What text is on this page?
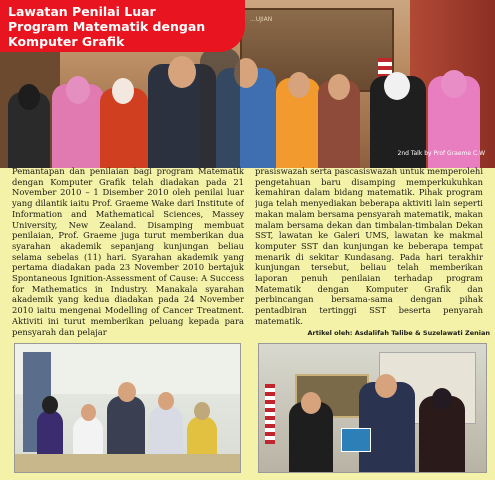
...UJIAN
2nd Talk by Prof Graeme C.W
Lawatan Penilai Luar
Program Matematik dengan
Komputer Grafik

Pemantapan dan penilaian bagi program Matematik dengan Komputer Grafik telah diadakan pada 21 November 2010 – 1 Disember 2010 oleh penilai luar yang dilantik iaitu Prof. Graeme Wake dari Institute of Information and Mathematical Sciences, Massey University, New Zealand. Disamping membuat penilaian, Prof. Graeme juga turut memberikan dua syarahan akademik sepanjang kunjungan beliau selama sebelas (11) hari. Syarahan akademik yang pertama diadakan pada 23 November 2010 bertajuk Spontaneous Ignition-Assessment of Cause: A Success for Mathematics in Industry. Manakala syarahan akademik yang kedua diadakan pada 24 November 2010 iaitu mengenai Modelling of Cancer Treatment. Aktiviti ini turut memberikan peluang kepada para pensyarah dan pelajar

prasiswazah serta pascasiswazah untuk memperolehi pengetahuan baru disamping memperkukuhkan kemahiran dalam bidang matematik. Pihak program juga telah menyediakan beberapa aktiviti lain seperti makan malam bersama pensyarah matematik, makan malam bersama dekan dan timbalan-timbalan Dekan SST, lawatan ke Galeri UMS, lawatan ke makmal komputer SST dan kunjungan ke beberapa tempat menarik di sekitar Kundasang. Pada hari terakhir kunjungan tersebut, beliau telah memberikan laporan penuh penilaian terhadap program Matematik dengan Komputer Grafik dan perbincangan bersama-sama dengan pihak pentadbiran tertinggi SST beserta penyarah matematik.

Artikel oleh: Asdalifah Talibe & Suzelawati Zenian
